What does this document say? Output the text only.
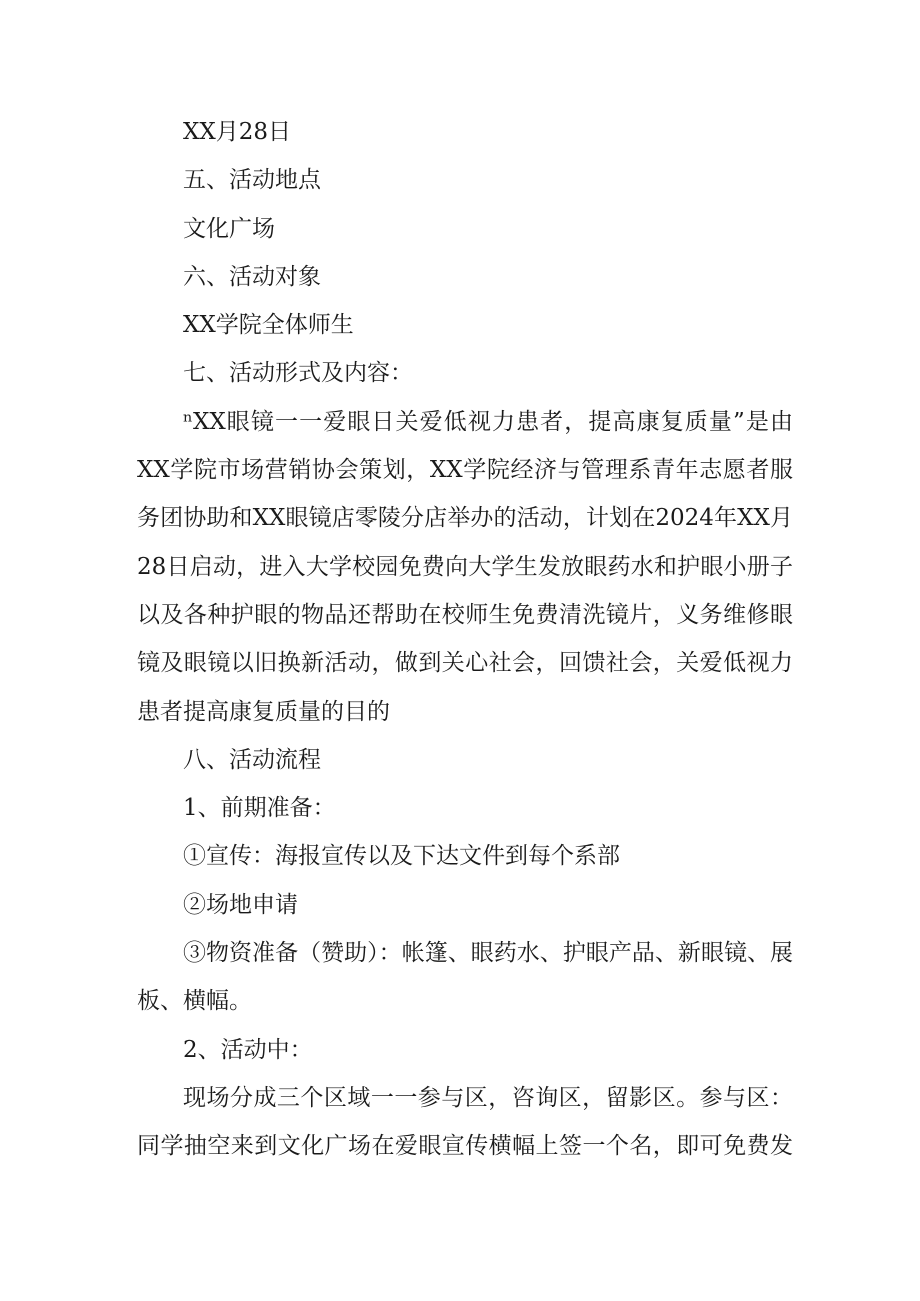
XX月28日

五、活动地点

文化广场

六、活动对象

XX学院全体师生

七、活动形式及内容：

ⁿXX眼镜一一爱眼日关爱低视力患者，提高康复质量”是由XX学院市场营销协会策划，XX学院经济与管理系青年志愿者服务团协助和XX眼镜店零陵分店举办的活动，计划在2024年XX月28日启动，进入大学校园免费向大学生发放眼药水和护眼小册子以及各种护眼的物品还帮助在校师生免费清洗镜片，义务维修眼镜及眼镜以旧换新活动，做到关心社会，回馈社会，关爱低视力患者提高康复质量的目的

八、活动流程

1、前期准备：

①宣传：海报宣传以及下达文件到每个系部

②场地申请

③物资准备（赞助）：帐篷、眼药水、护眼产品、新眼镜、展板、横幅。

2、活动中：

现场分成三个区域一一参与区，咨询区，留影区。参与区：同学抽空来到文化广场在爱眼宣传横幅上签一个名，即可免费发
